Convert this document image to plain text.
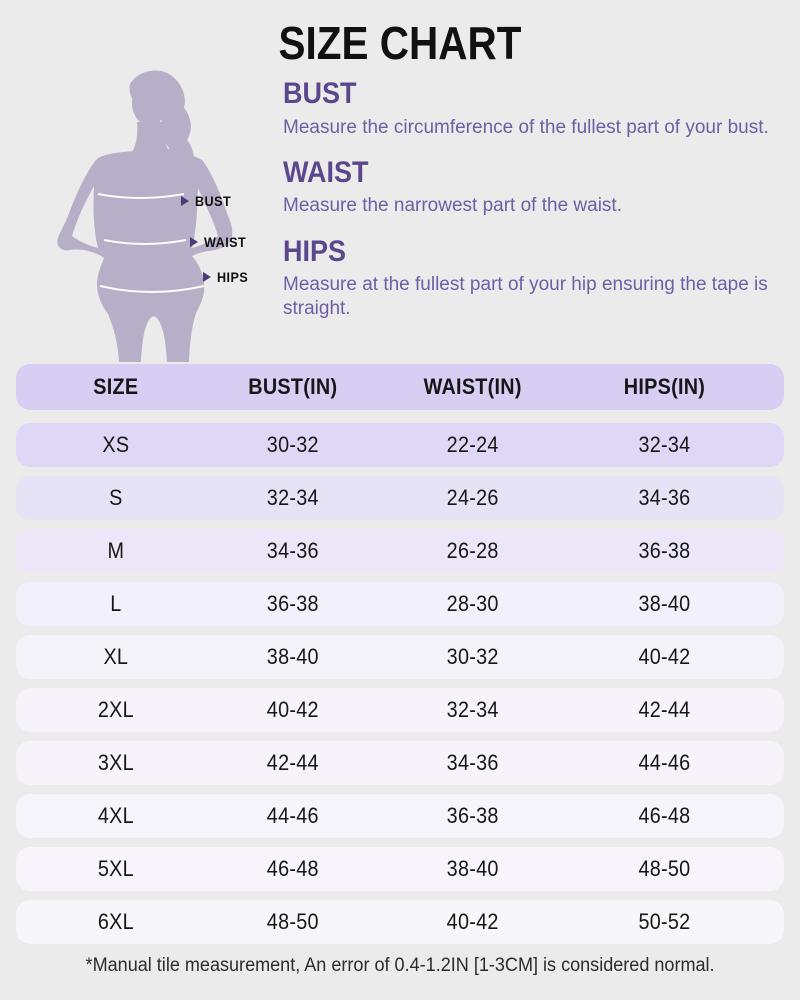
SIZE CHART
BUST
WAIST
HIPS
BUST

Measure the circumference of the fullest part of your bust.

WAIST

Measure the narrowest part of the waist.

HIPS

Measure at the fullest part of your hip ensuring the tape is straight.

SIZE	BUST(IN)	WAIST(IN)	HIPS(IN)
XS	30-32	22-24	32-34
S	32-34	24-26	34-36
M	34-36	26-28	36-38
L	36-38	28-30	38-40
XL	38-40	30-32	40-42
2XL	40-42	32-34	42-44
3XL	42-44	34-36	44-46
4XL	44-46	36-38	46-48
5XL	46-48	38-40	48-50
6XL	48-50	40-42	50-52

*Manual tile measurement, An error of 0.4-1.2IN [1-3CM] is considered normal.
